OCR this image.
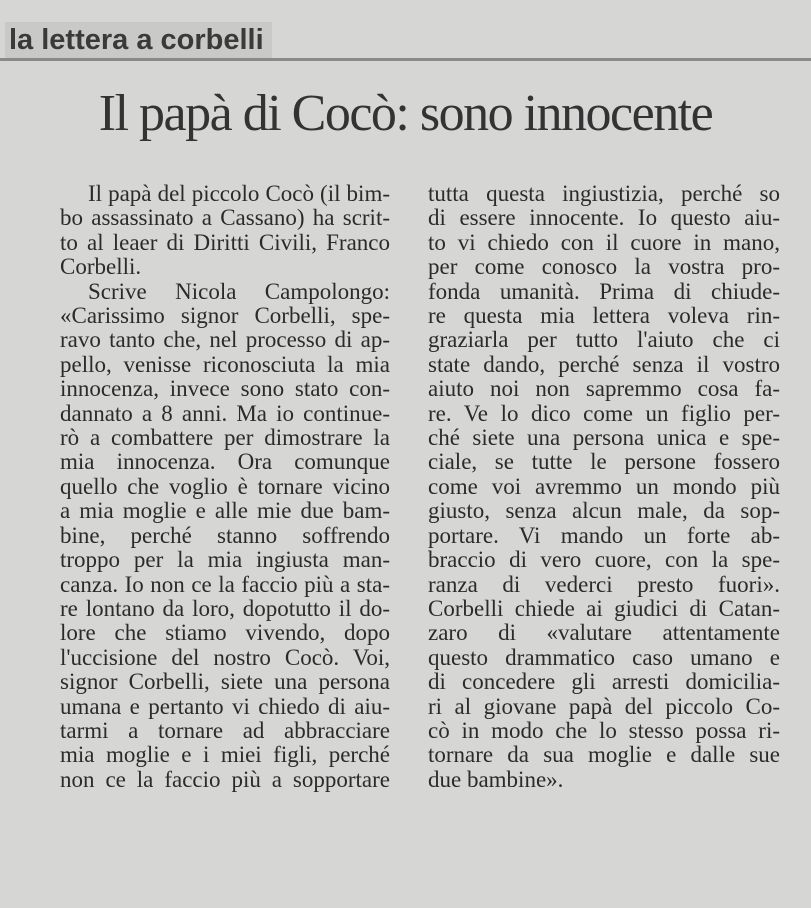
la lettera a corbelli
Il papà di Cocò: sono innocente
Il papà del piccolo Cocò (il bim-
bo assassinato a Cassano) ha scrit-
to al leaer di Diritti Civili, Franco
Corbelli.
Scrive Nicola Campolongo:
«Carissimo signor Corbelli, spe-
ravo tanto che, nel processo di ap-
pello, venisse riconosciuta la mia
innocenza, invece sono stato con-
dannato a 8 anni. Ma io continue-
rò a combattere per dimostrare la
mia innocenza. Ora comunque
quello che voglio è tornare vicino
a mia moglie e alle mie due bam-
bine, perché stanno soffrendo
troppo per la mia ingiusta man-
canza. Io non ce la faccio più a sta-
re lontano da loro, dopotutto il do-
lore che stiamo vivendo, dopo
l'uccisione del nostro Cocò. Voi,
signor Corbelli, siete una persona
umana e pertanto vi chiedo di aiu-
tarmi a tornare ad abbracciare
mia moglie e i miei figli, perché
non ce la faccio più a sopportare
tutta questa ingiustizia, perché so
di essere innocente. Io questo aiu-
to vi chiedo con il cuore in mano,
per come conosco la vostra pro-
fonda umanità. Prima di chiude-
re questa mia lettera voleva rin-
graziarla per tutto l'aiuto che ci
state dando, perché senza il vostro
aiuto noi non sapremmo cosa fa-
re. Ve lo dico come un figlio per-
ché siete una persona unica e spe-
ciale, se tutte le persone fossero
come voi avremmo un mondo più
giusto, senza alcun male, da sop-
portare. Vi mando un forte ab-
braccio di vero cuore, con la spe-
ranza di vederci presto fuori».
Corbelli chiede ai giudici di Catan-
zaro di «valutare attentamente
questo drammatico caso umano e
di concedere gli arresti domicilia-
ri al giovane papà del piccolo Co-
cò in modo che lo stesso possa ri-
tornare da sua moglie e dalle sue
due bambine».
